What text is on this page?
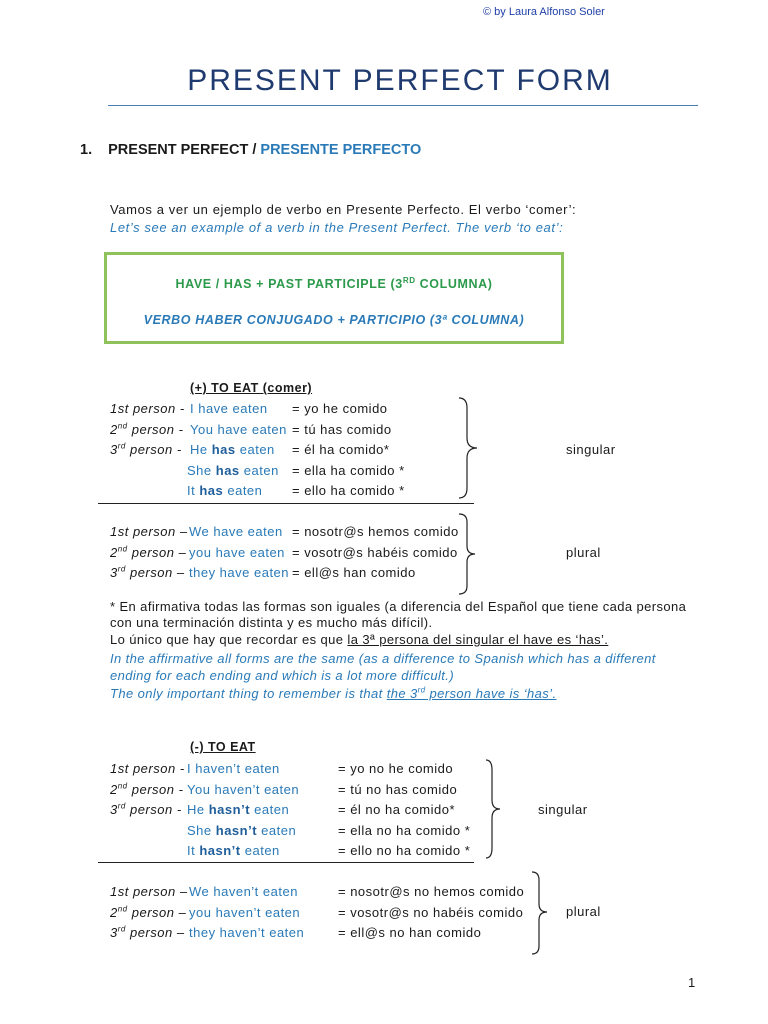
© by Laura Alfonso Soler
PRESENT PERFECT FORM
1. PRESENT PERFECT / PRESENTE PERFECTO
Vamos a ver un ejemplo de verbo en Presente Perfecto. El verbo ‘comer’:
Let’s see an example of a verb in the Present Perfect. The verb ‘to eat’:
HAVE / HAS + PAST PARTICIPLE (3RD COLUMNA)
VERBO HABER CONJUGADO + PARTICIPIO (3ª COLUMNA)
(+) TO EAT (comer)
1st person - I have eaten = yo he comido
2nd person - You have eaten = tú has comido
3rd person - He has eaten = él ha comido*
She has eaten = ella ha comido *
It has eaten = ello ha comido *
1st person – We have eaten = nosotr@s hemos comido
2nd person – you have eaten = vosotr@s habéis comido
3rd person – they have eaten = ell@s han comido
singular
plural
* En afirmativa todas las formas son iguales (a diferencia del Español que tiene cada persona
con una terminación distinta y es mucho más difícil).
Lo único que hay que recordar es que la 3ª persona del singular el have es ‘has’.
In the affirmative all forms are the same (as a difference to Spanish which has a different
ending for each ending and which is a lot more difficult.)
The only important thing to remember is that the 3rd person have is ‘has’.
(-) TO EAT
1st person - I haven’t eaten	= yo no he comido
2nd person - You haven’t eaten	= tú no has comido
3rd person - He hasn’t eaten	= él no ha comido*
She hasn’t eaten	= ella no ha comido *
It hasn’t eaten	= ello no ha comido *
1st person – We haven’t eaten	= nosotr@s no hemos comido
2nd person – you haven’t eaten	= vosotr@s no habéis comido
3rd person – they haven’t eaten	= ell@s no han comido
singular
plural
1
